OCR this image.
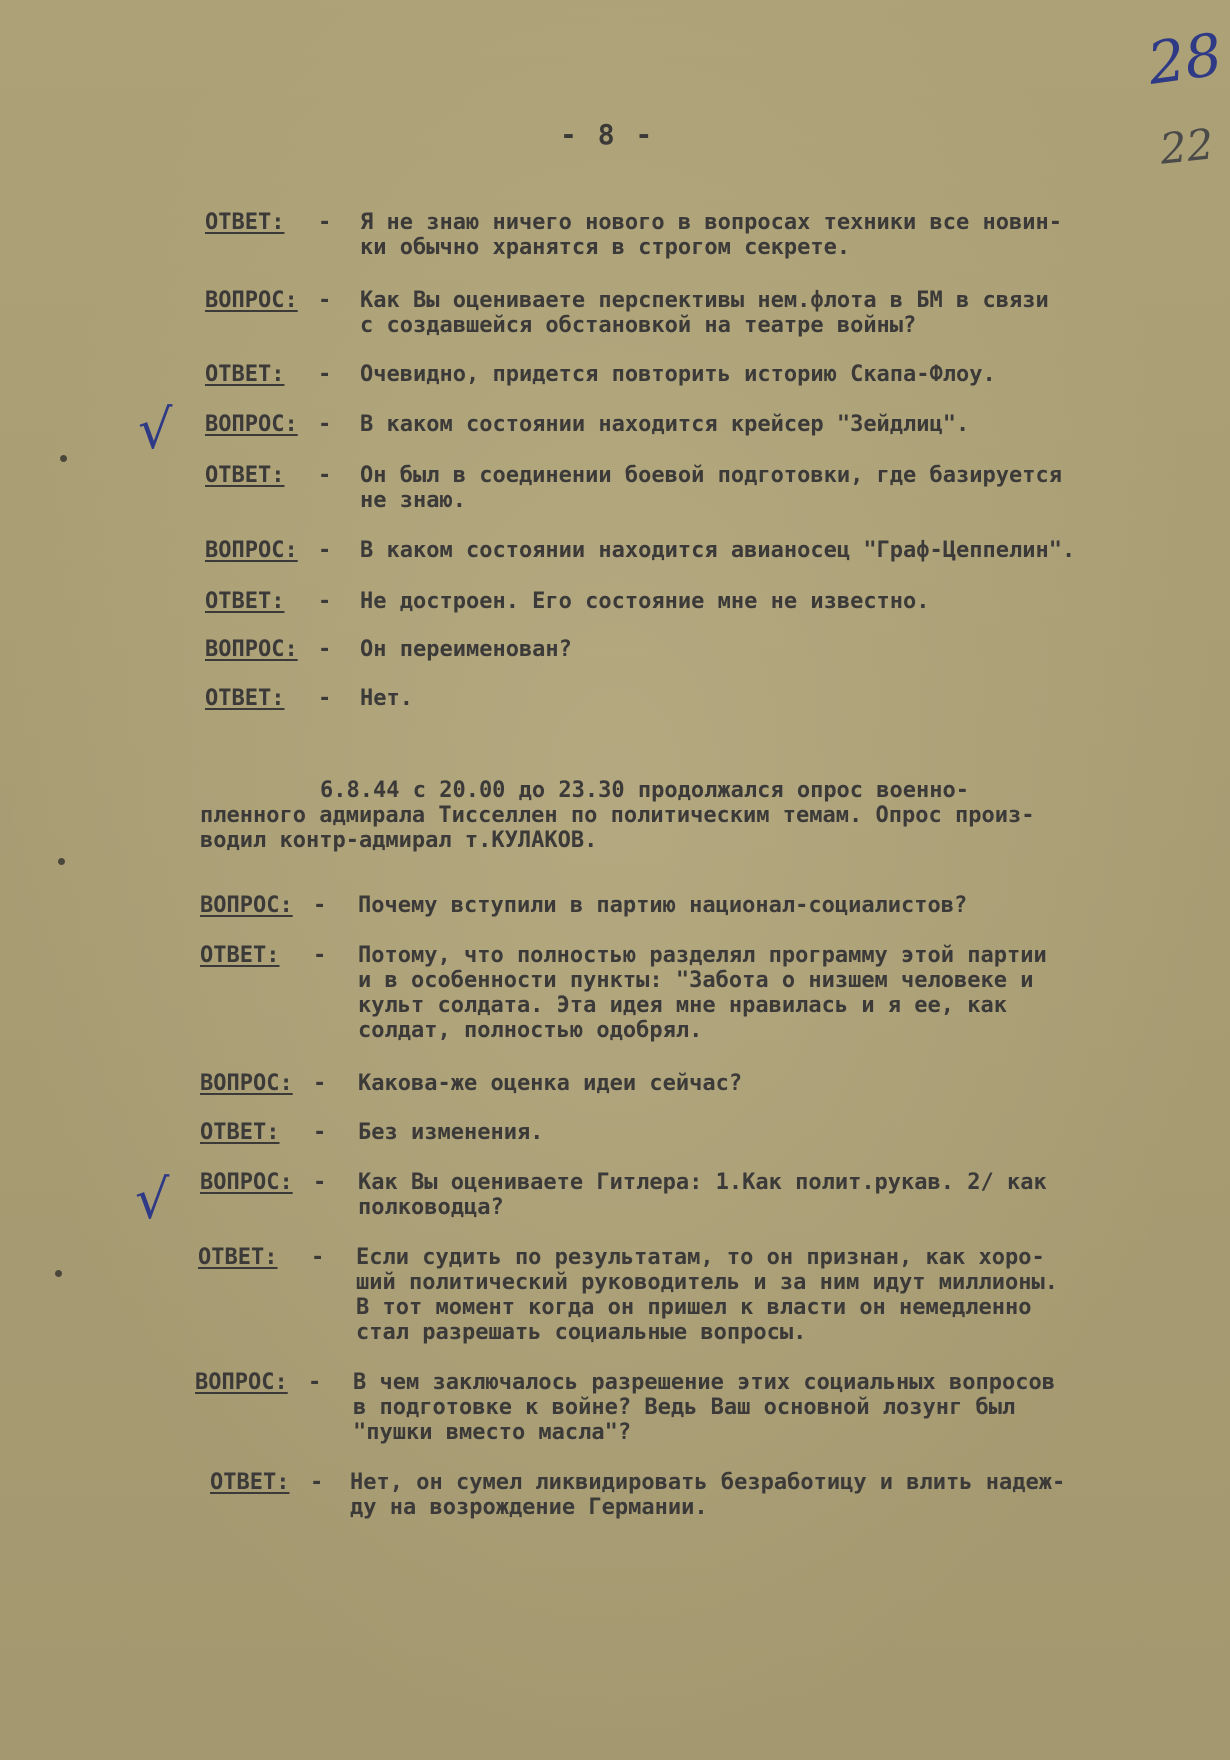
28
22
- 8 -
√
√
ОТВЕТ: - Я не знаю ничего нового в вопросах техники все новин-
ки обычно хранятся в строгом секрете.
ВОПРОС: - Как Вы оцениваете перспективы нем.флота в БМ в связи
с создавшейся обстановкой на театре войны?
ОТВЕТ: - Очевидно, придется повторить историю Скапа-Флоу.
ВОПРОС: - В каком состоянии находится крейсер "Зейдлиц".
ОТВЕТ: - Он был в соединении боевой подготовки, где базируется
не знаю.
ВОПРОС: - В каком состоянии находится авианосец "Граф-Цеппелин".
ОТВЕТ: - Не достроен. Его состояние мне не известно.
ВОПРОС: - Он переименован?
ОТВЕТ: - Нет.
6.8.44 с 20.00 до 23.30 продолжался опрос военно-
пленного адмирала Тисселлен по политическим темам. Опрос произ-
водил контр-адмирал т.КУЛАКОВ.
ВОПРОС: - Почему вступили в партию национал-социалистов?
ОТВЕТ: - Потому, что полностью разделял программу этой партии
и в особенности пункты: "Забота о низшем человеке и
культ солдата. Эта идея мне нравилась и я ее, как
солдат, полностью одобрял.
ВОПРОС: - Какова-же оценка идеи сейчас?
ОТВЕТ: - Без изменения.
ВОПРОС: - Как Вы оцениваете Гитлера: 1.Как полит.рукав. 2/ как
полководца?
ОТВЕТ: - Если судить по результатам, то он признан, как хоро-
ший политический руководитель и за ним идут миллионы.
В тот момент когда он пришел к власти он немедленно
стал разрешать социальные вопросы.
ВОПРОС: - В чем заключалось разрешение этих социальных вопросов
в подготовке к войне? Ведь Ваш основной лозунг был
"пушки вместо масла"?
ОТВЕТ: - Нет, он сумел ликвидировать безработицу и влить надеж-
ду на возрождение Германии.
